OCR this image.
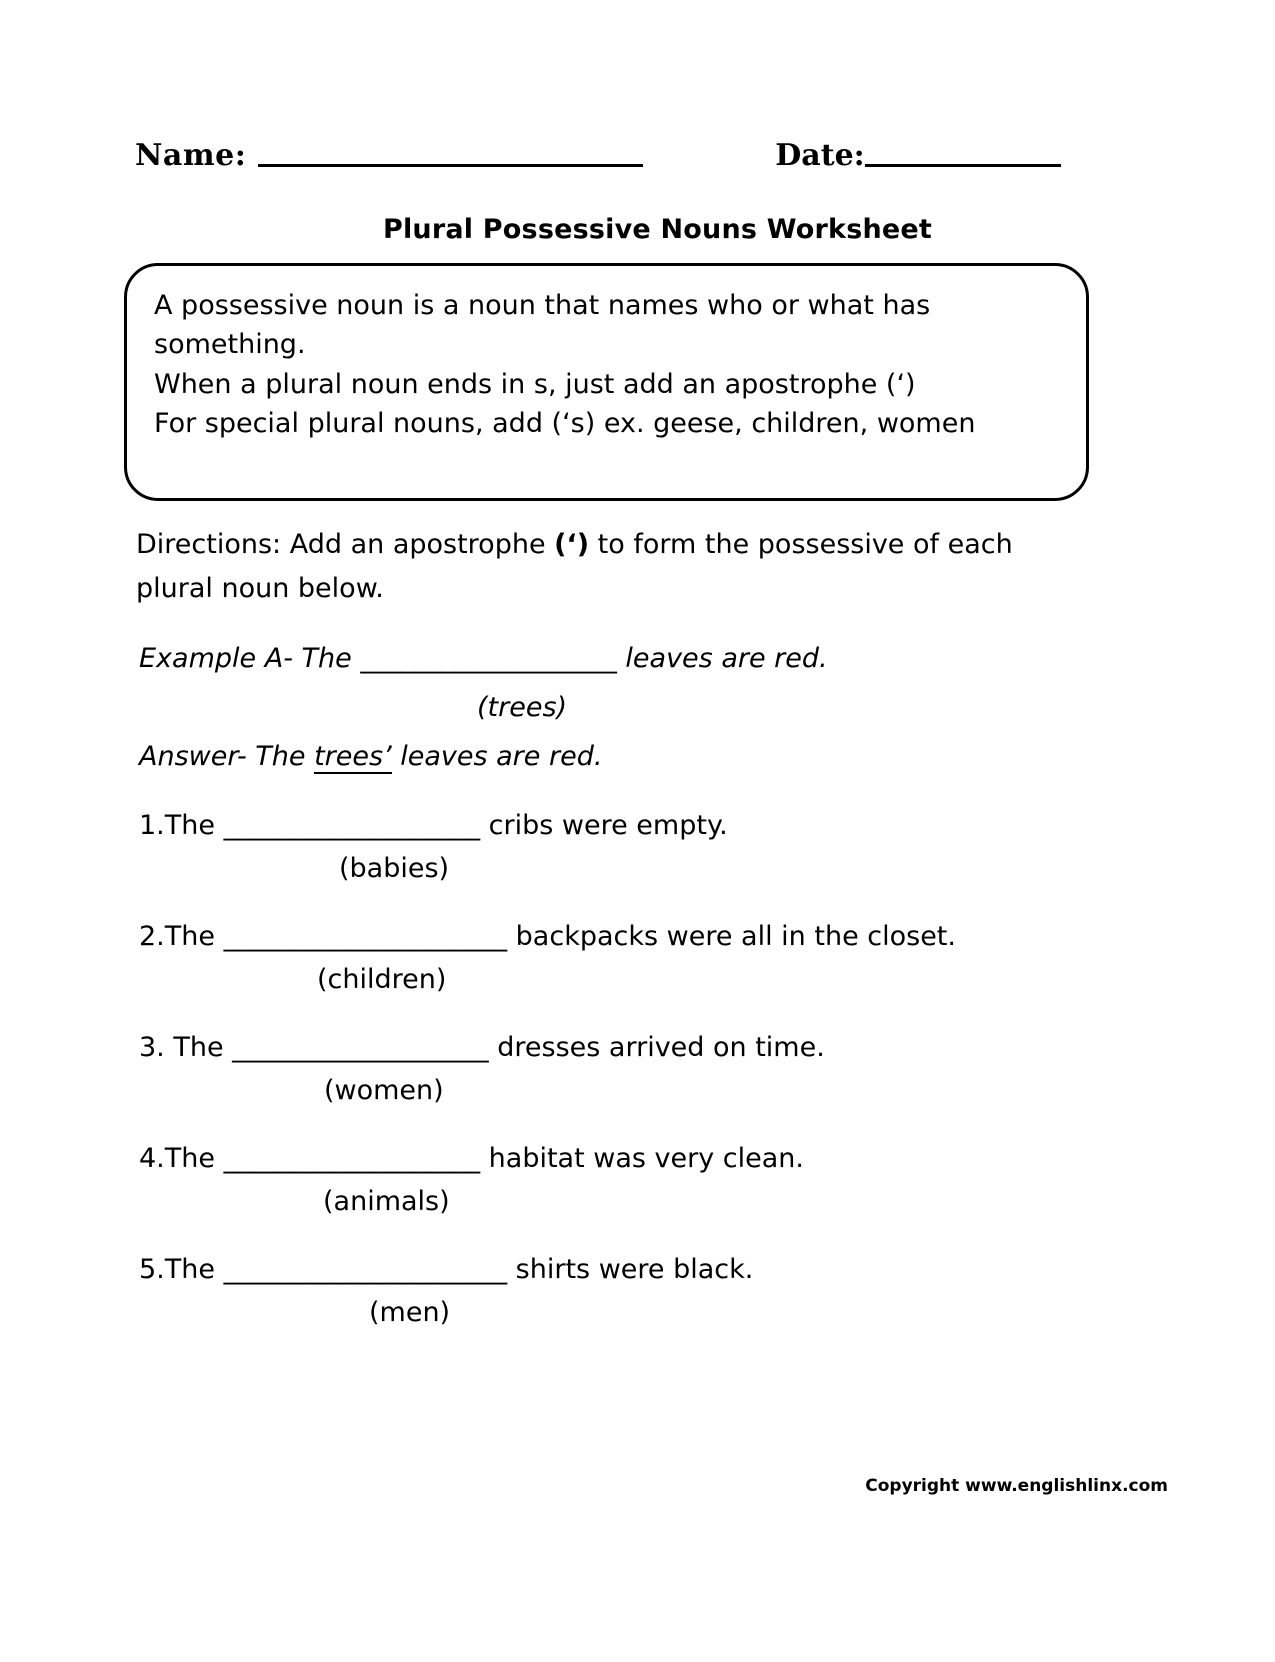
Name:	Date:
Plural Possessive Nouns Worksheet

A possessive noun is a noun that names who or what has

something.

When a plural noun ends in s, just add an apostrophe (‘)

For special plural nouns, add (‘s) ex. geese, children, women

Directions: Add an apostrophe (‘) to form the possessive of each plural noun below.
Example A- The ___________________ leaves are red.
(trees)
Answer- The trees’ leaves are red.
1.The ___________________ cribs were empty.
(babies)
2.The _____________________ backpacks were all in the closet.
(children)
3. The ___________________ dresses arrived on time.
(women)
4.The ___________________ habitat was very clean.
(animals)
5.The _____________________ shirts were black.
(men)
Copyright www.englishlinx.com
